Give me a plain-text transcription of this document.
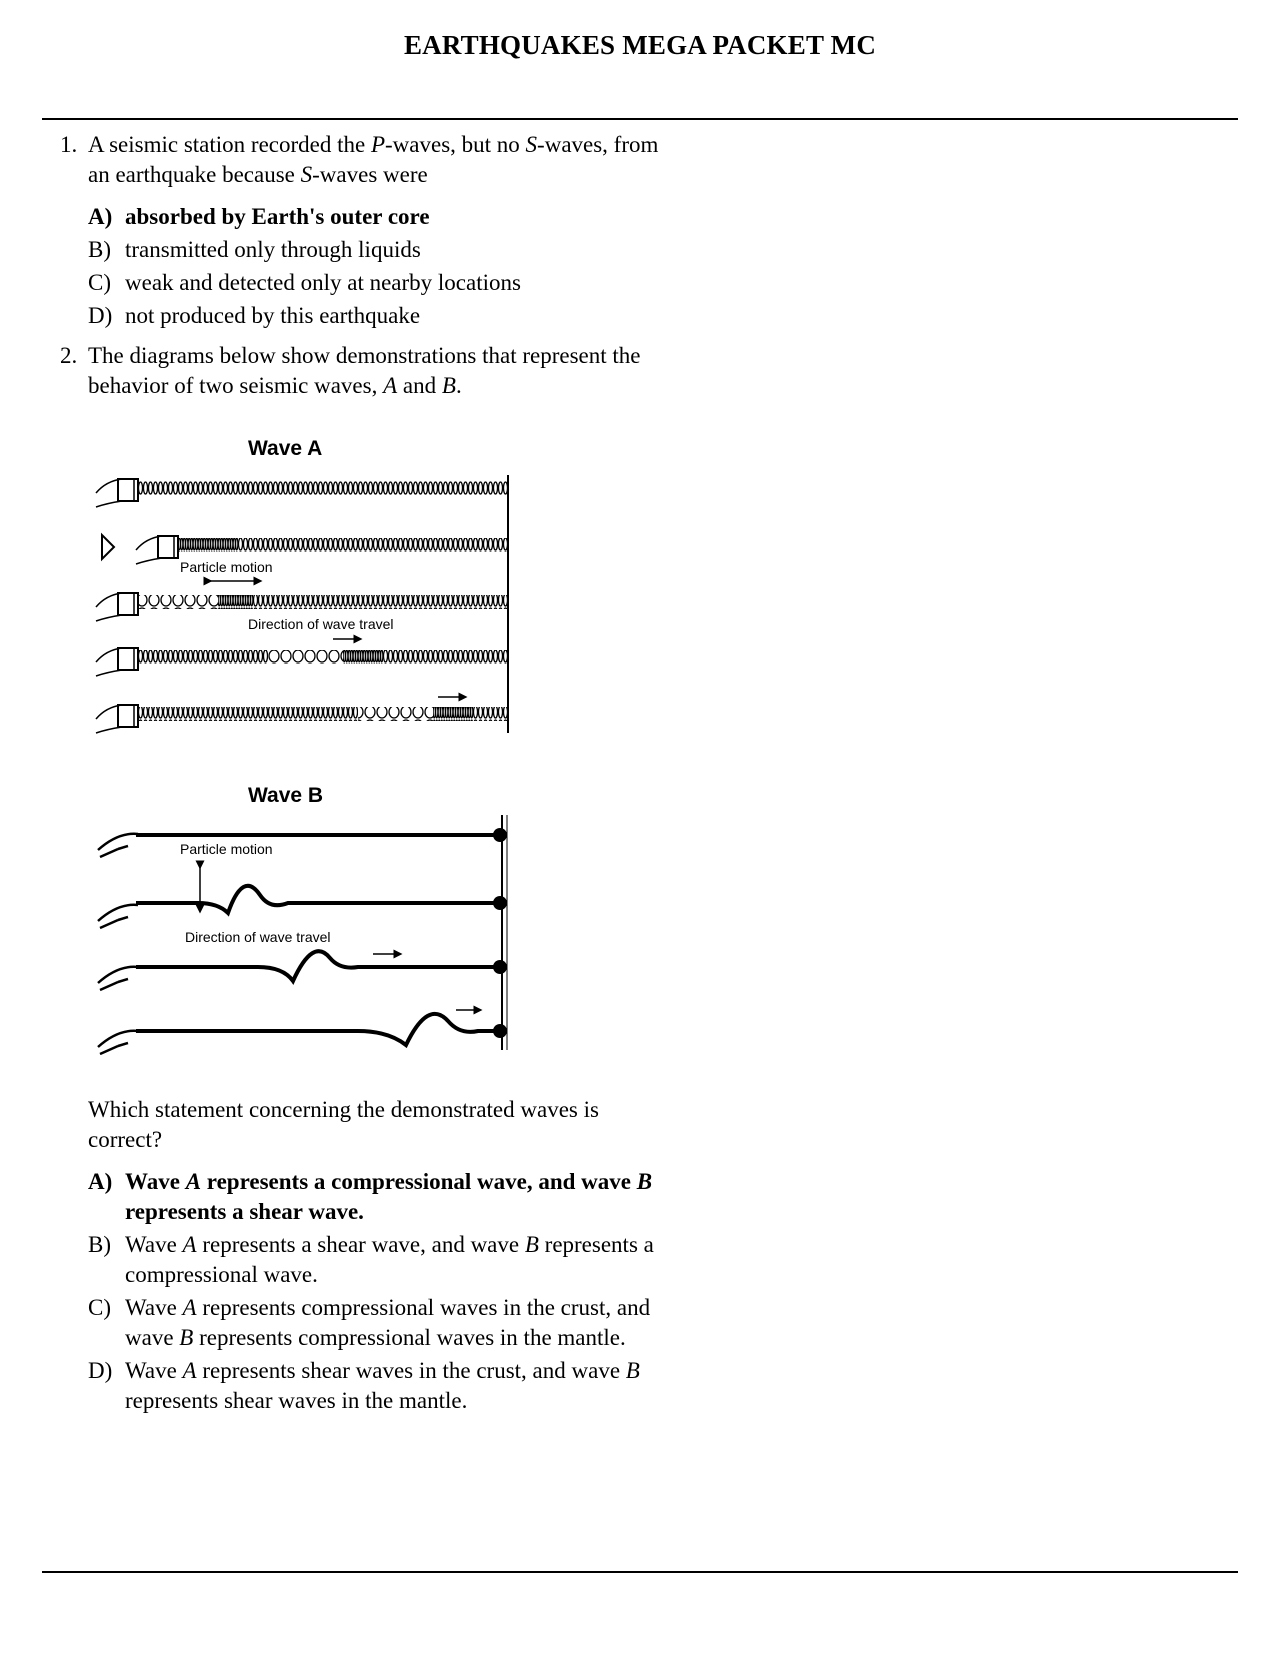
EARTHQUAKES MEGA PACKET MC
1. A seismic station recorded the P-waves, but no S-waves, from an earthquake because S-waves were
A) absorbed by Earth's outer core
B) transmitted only through liquids
C) weak and detected only at nearby locations
D) not produced by this earthquake
2. The diagrams below show demonstrations that represent the behavior of two seismic waves, A and B.
Wave A
Particle motion
Direction of wave travel
Wave B
Particle motion
Direction of wave travel
Which statement concerning the demonstrated waves is correct?
A) Wave A represents a compressional wave, and wave B represents a shear wave.
B) Wave A represents a shear wave, and wave B represents a compressional wave.
C) Wave A represents compressional waves in the crust, and wave B represents compressional waves in the mantle.
D) Wave A represents shear waves in the crust, and wave B represents shear waves in the mantle.
